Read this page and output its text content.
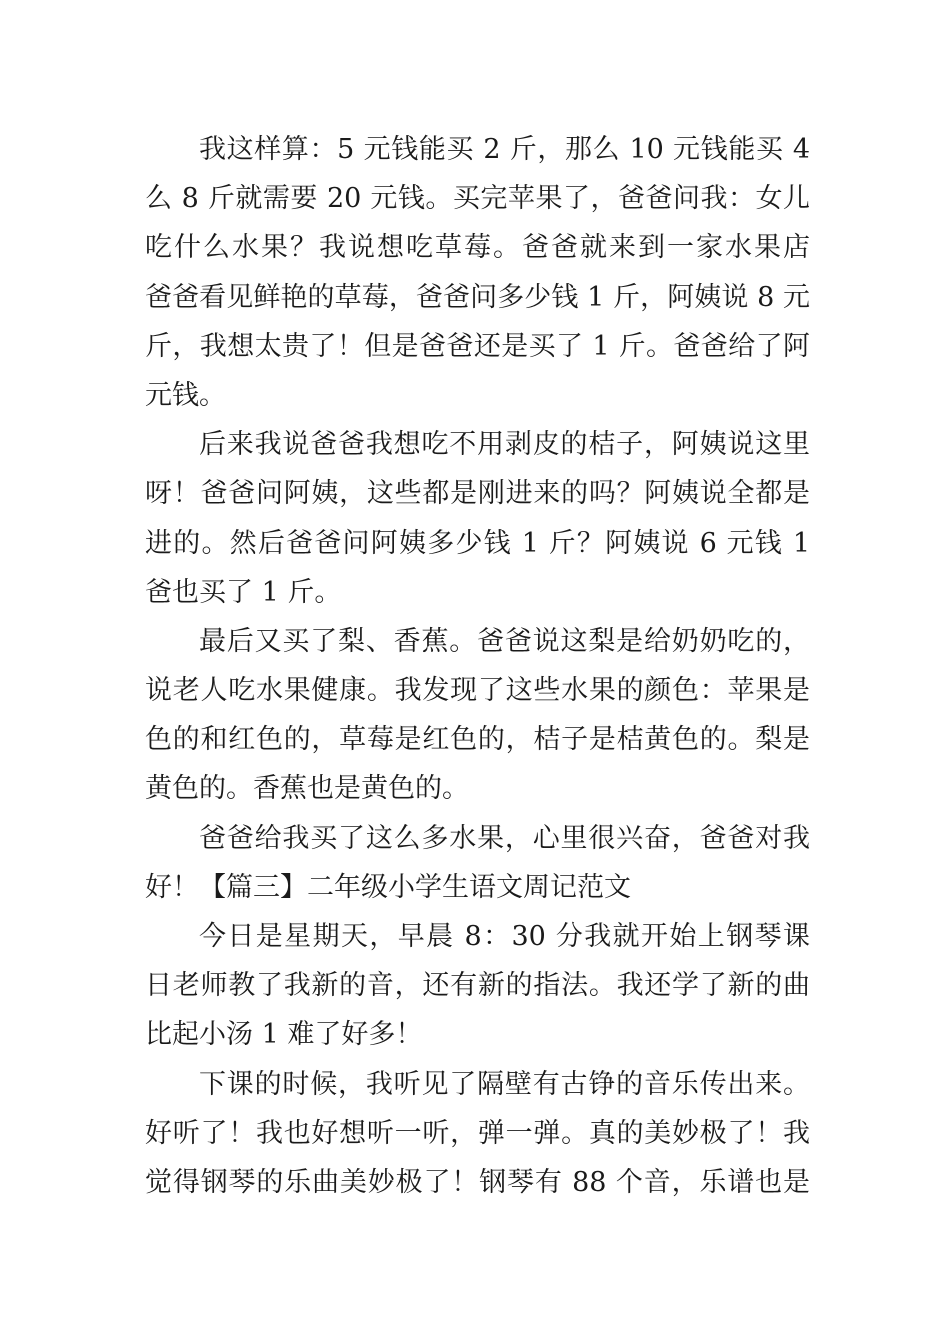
我这样算：5 元钱能买 2 斤，那么 10 元钱能买 4
么 8 斤就需要 20 元钱。买完苹果了，爸爸问我：女儿
吃什么水果？我说想吃草莓。爸爸就来到一家水果店
爸爸看见鲜艳的草莓，爸爸问多少钱 1 斤，阿姨说 8 元
斤，我想太贵了！但是爸爸还是买了 1 斤。爸爸给了阿
元钱。
后来我说爸爸我想吃不用剥皮的桔子，阿姨说这里
呀！爸爸问阿姨，这些都是刚进来的吗？阿姨说全都是
进的。然后爸爸问阿姨多少钱 1 斤？阿姨说 6 元钱 1
爸也买了 1 斤。
最后又买了梨、香蕉。爸爸说这梨是给奶奶吃的，
说老人吃水果健康。我发现了这些水果的颜色：苹果是
色的和红色的，草莓是红色的，桔子是桔黄色的。梨是
黄色的。香蕉也是黄色的。
爸爸给我买了这么多水果，心里很兴奋，爸爸对我
好！【篇三】二年级小学生语文周记范文
今日是星期天，早晨 8：30 分我就开始上钢琴课
日老师教了我新的音，还有新的指法。我还学了新的曲
比起小汤 1 难了好多！
下课的时候，我听见了隔壁有古铮的音乐传出来。
好听了！我也好想听一听，弹一弹。真的美妙极了！我
觉得钢琴的乐曲美妙极了！钢琴有 88 个音，乐谱也是
